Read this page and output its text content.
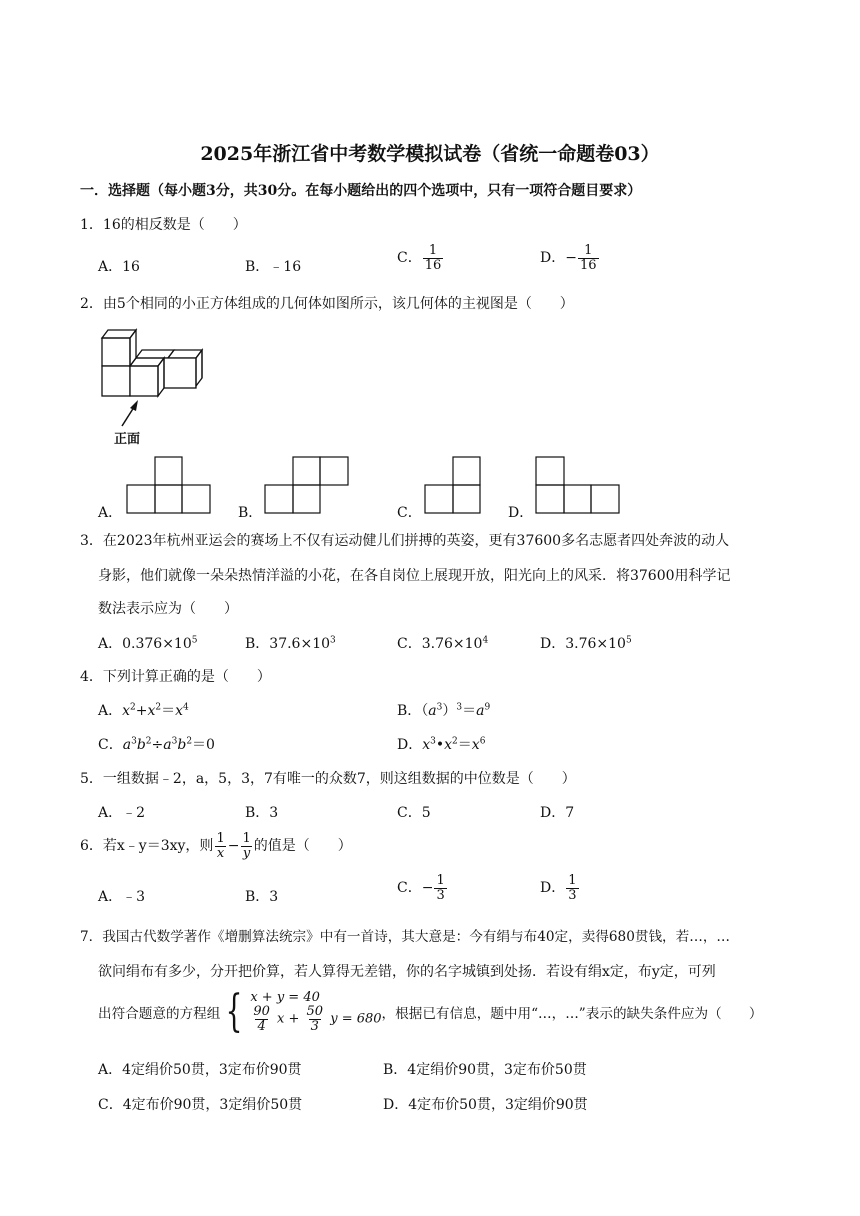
2025年浙江省中考数学模拟试卷（省统一命题卷03）
一．选择题（每小题3分，共30分。在每小题给出的四个选项中，只有一项符合题目要求）
1．16的相反数是（　　）
A．16	B．﹣16
C． $\frac{1}{16}$	D．− $\frac{1}{16}$
2．由5个相同的小正方体组成的几何体如图所示，该几何体的主视图是（　　）
正面
A．	B．	C．	D．
3．在2023年杭州亚运会的赛场上不仅有运动健儿们拼搏的英姿，更有37600多名志愿者四处奔波的动人
身影，他们就像一朵朵热情洋溢的小花，在各自岗位上展现开放，阳光向上的风采．将37600用科学记
数法表示应为（　　）
A．$0.376\times 10^5$	B．$37.6\times 10^3$	C．$3.76\times 10^4$	D．$3.76\times 10^5$
4．下列计算正确的是（　　）
A．$x^2+x^2=x^4$	B．$(a^3)^3=a^9$
C．$a^3b^2\div a^3b^2=0$	D．$x^3•x^2=x^6$
5．一组数据﹣2，a，5，3，7有唯一的众数7，则这组数据的中位数是（　　）
A．﹣2	B．3	C．5	D．7
6．若x﹣y＝3xy，则 $\frac{1}{x} - \frac{1}{y}$ 的值是（　　）
A．﹣3	B．3
C．− $\frac{1}{3}$	D． $\frac{1}{3}$
7．我国古代数学著作《增删算法统宗》中有一首诗，其大意是：今有绢与布40定，卖得680贯钱，若…，…
欲问绢布有多少，分开把价算，若人算得无差错，你的名字城镇到处扬．若设有绢x定，布y定，可列
出符合题意的方程组 { x + y = 40
$\frac{90}{4}$ $x + \frac{50}{3}$ y = 680 ，根据已有信息，题中用“…，…”表示的缺失条件应为（　　）
A．4定绢价50贯，3定布价90贯	B．4定绢价90贯，3定布价50贯
C．4定布价90贯，3定绢价50贯	D．4定布价50贯，3定绢价90贯
